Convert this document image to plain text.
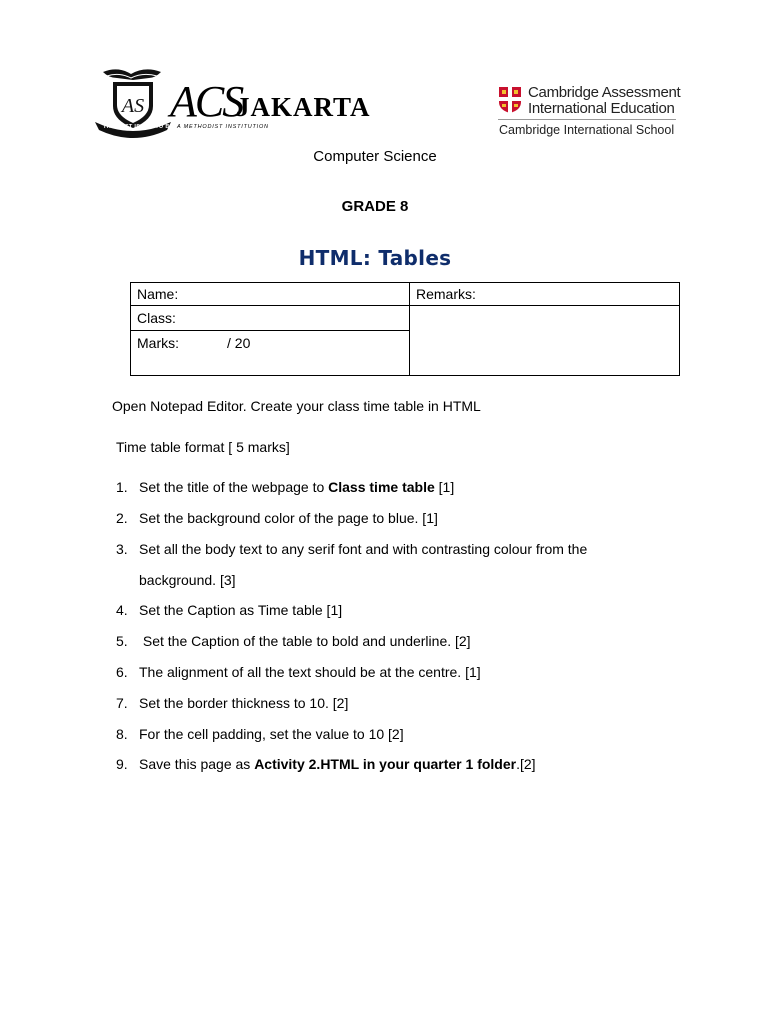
AS
THE BEST IS YET TO BE
ACS
JAKARTA
A METHODIST INSTITUTION
Cambridge Assessment
International Education
Cambridge International School
Computer Science
GRADE 8
HTML: Tables
Name:	Remarks:
Class:
Marks:	/ 20
Open Notepad Editor. Create your class time table in HTML
Time table format [ 5 marks]
1. Set the title of the webpage to Class time table [1]
2. Set the background color of the page to blue. [1]
3. Set all the body text to any serif font and with contrasting colour from the
background. [3]
4. Set the Caption as Time table [1]
5. Set the Caption of the table to bold and underline. [2]
6. The alignment of all the text should be at the centre. [1]
7. Set the border thickness to 10. [2]
8. For the cell padding, set the value to 10 [2]
9. Save this page as Activity 2.HTML in your quarter 1 folder.[2]
